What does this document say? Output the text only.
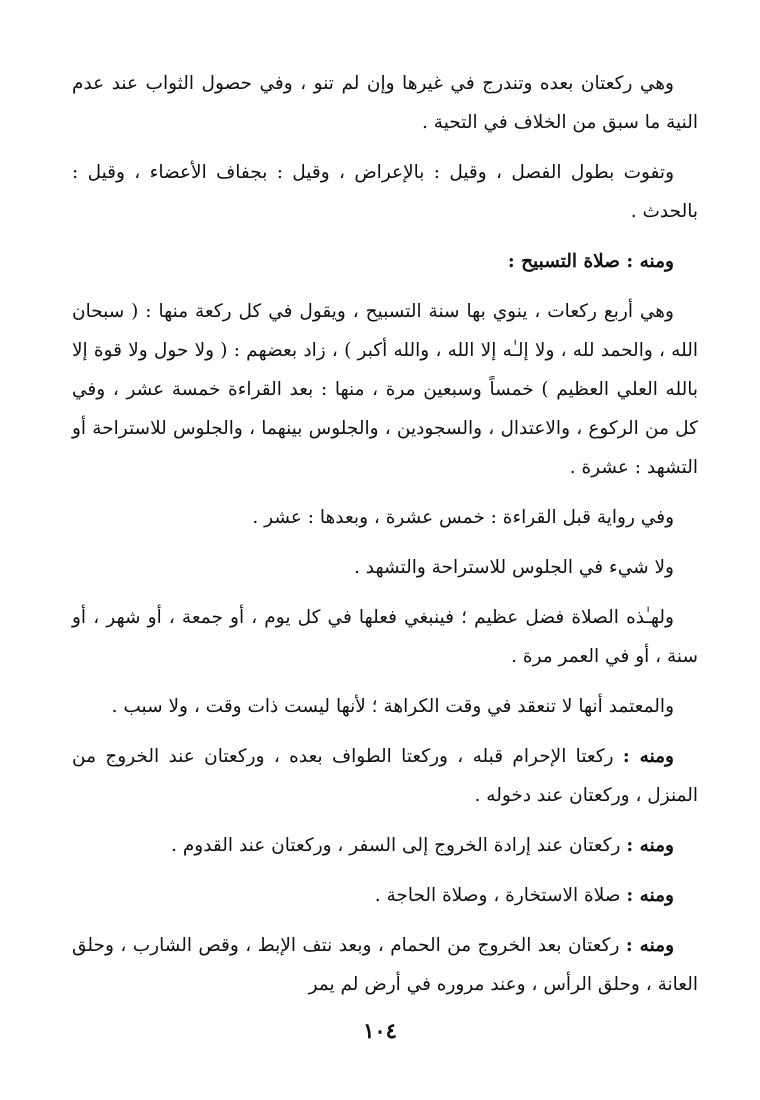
وهي ركعتان بعده وتندرج في غيرها وإن لم تنو ، وفي حصول الثواب عند عدم النية ما سبق من الخلاف في التحية .

وتفوت بطول الفصل ، وقيل : بالإعراض ، وقيل : بجفاف الأعضاء ، وقيل : بالحدث .

ومنه : صلاة التسبيح :

وهي أربع ركعات ، ينوي بها سنة التسبيح ، ويقول في كل ركعة منها : ( سبحان الله ، والحمد لله ، ولا إلـٰه إلا الله ، والله أكبر ) ، زاد بعضهم : ( ولا حول ولا قوة إلا بالله العلي العظيم ) خمساً وسبعين مرة ، منها : بعد القراءة خمسة عشر ، وفي كل من الركوع ، والاعتدال ، والسجودين ، والجلوس بينهما ، والجلوس للاستراحة أو التشهد : عشرة .

وفي رواية قبل القراءة : خمس عشرة ، وبعدها : عشر .

ولا شيء في الجلوس للاستراحة والتشهد .

ولهـٰذه الصلاة فضل عظيم ؛ فينبغي فعلها في كل يوم ، أو جمعة ، أو شهر ، أو سنة ، أو في العمر مرة .

والمعتمد أنها لا تنعقد في وقت الكراهة ؛ لأنها ليست ذات وقت ، ولا سبب .

ومنه : ركعتا الإحرام قبله ، وركعتا الطواف بعده ، وركعتان عند الخروج من المنزل ، وركعتان عند دخوله .

ومنه : ركعتان عند إرادة الخروج إلى السفر ، وركعتان عند القدوم .

ومنه : صلاة الاستخارة ، وصلاة الحاجة .

ومنه : ركعتان بعد الخروج من الحمام ، وبعد نتف الإبط ، وقص الشارب ، وحلق العانة ، وحلق الرأس ، وعند مروره في أرض لم يمر

١٠٤
